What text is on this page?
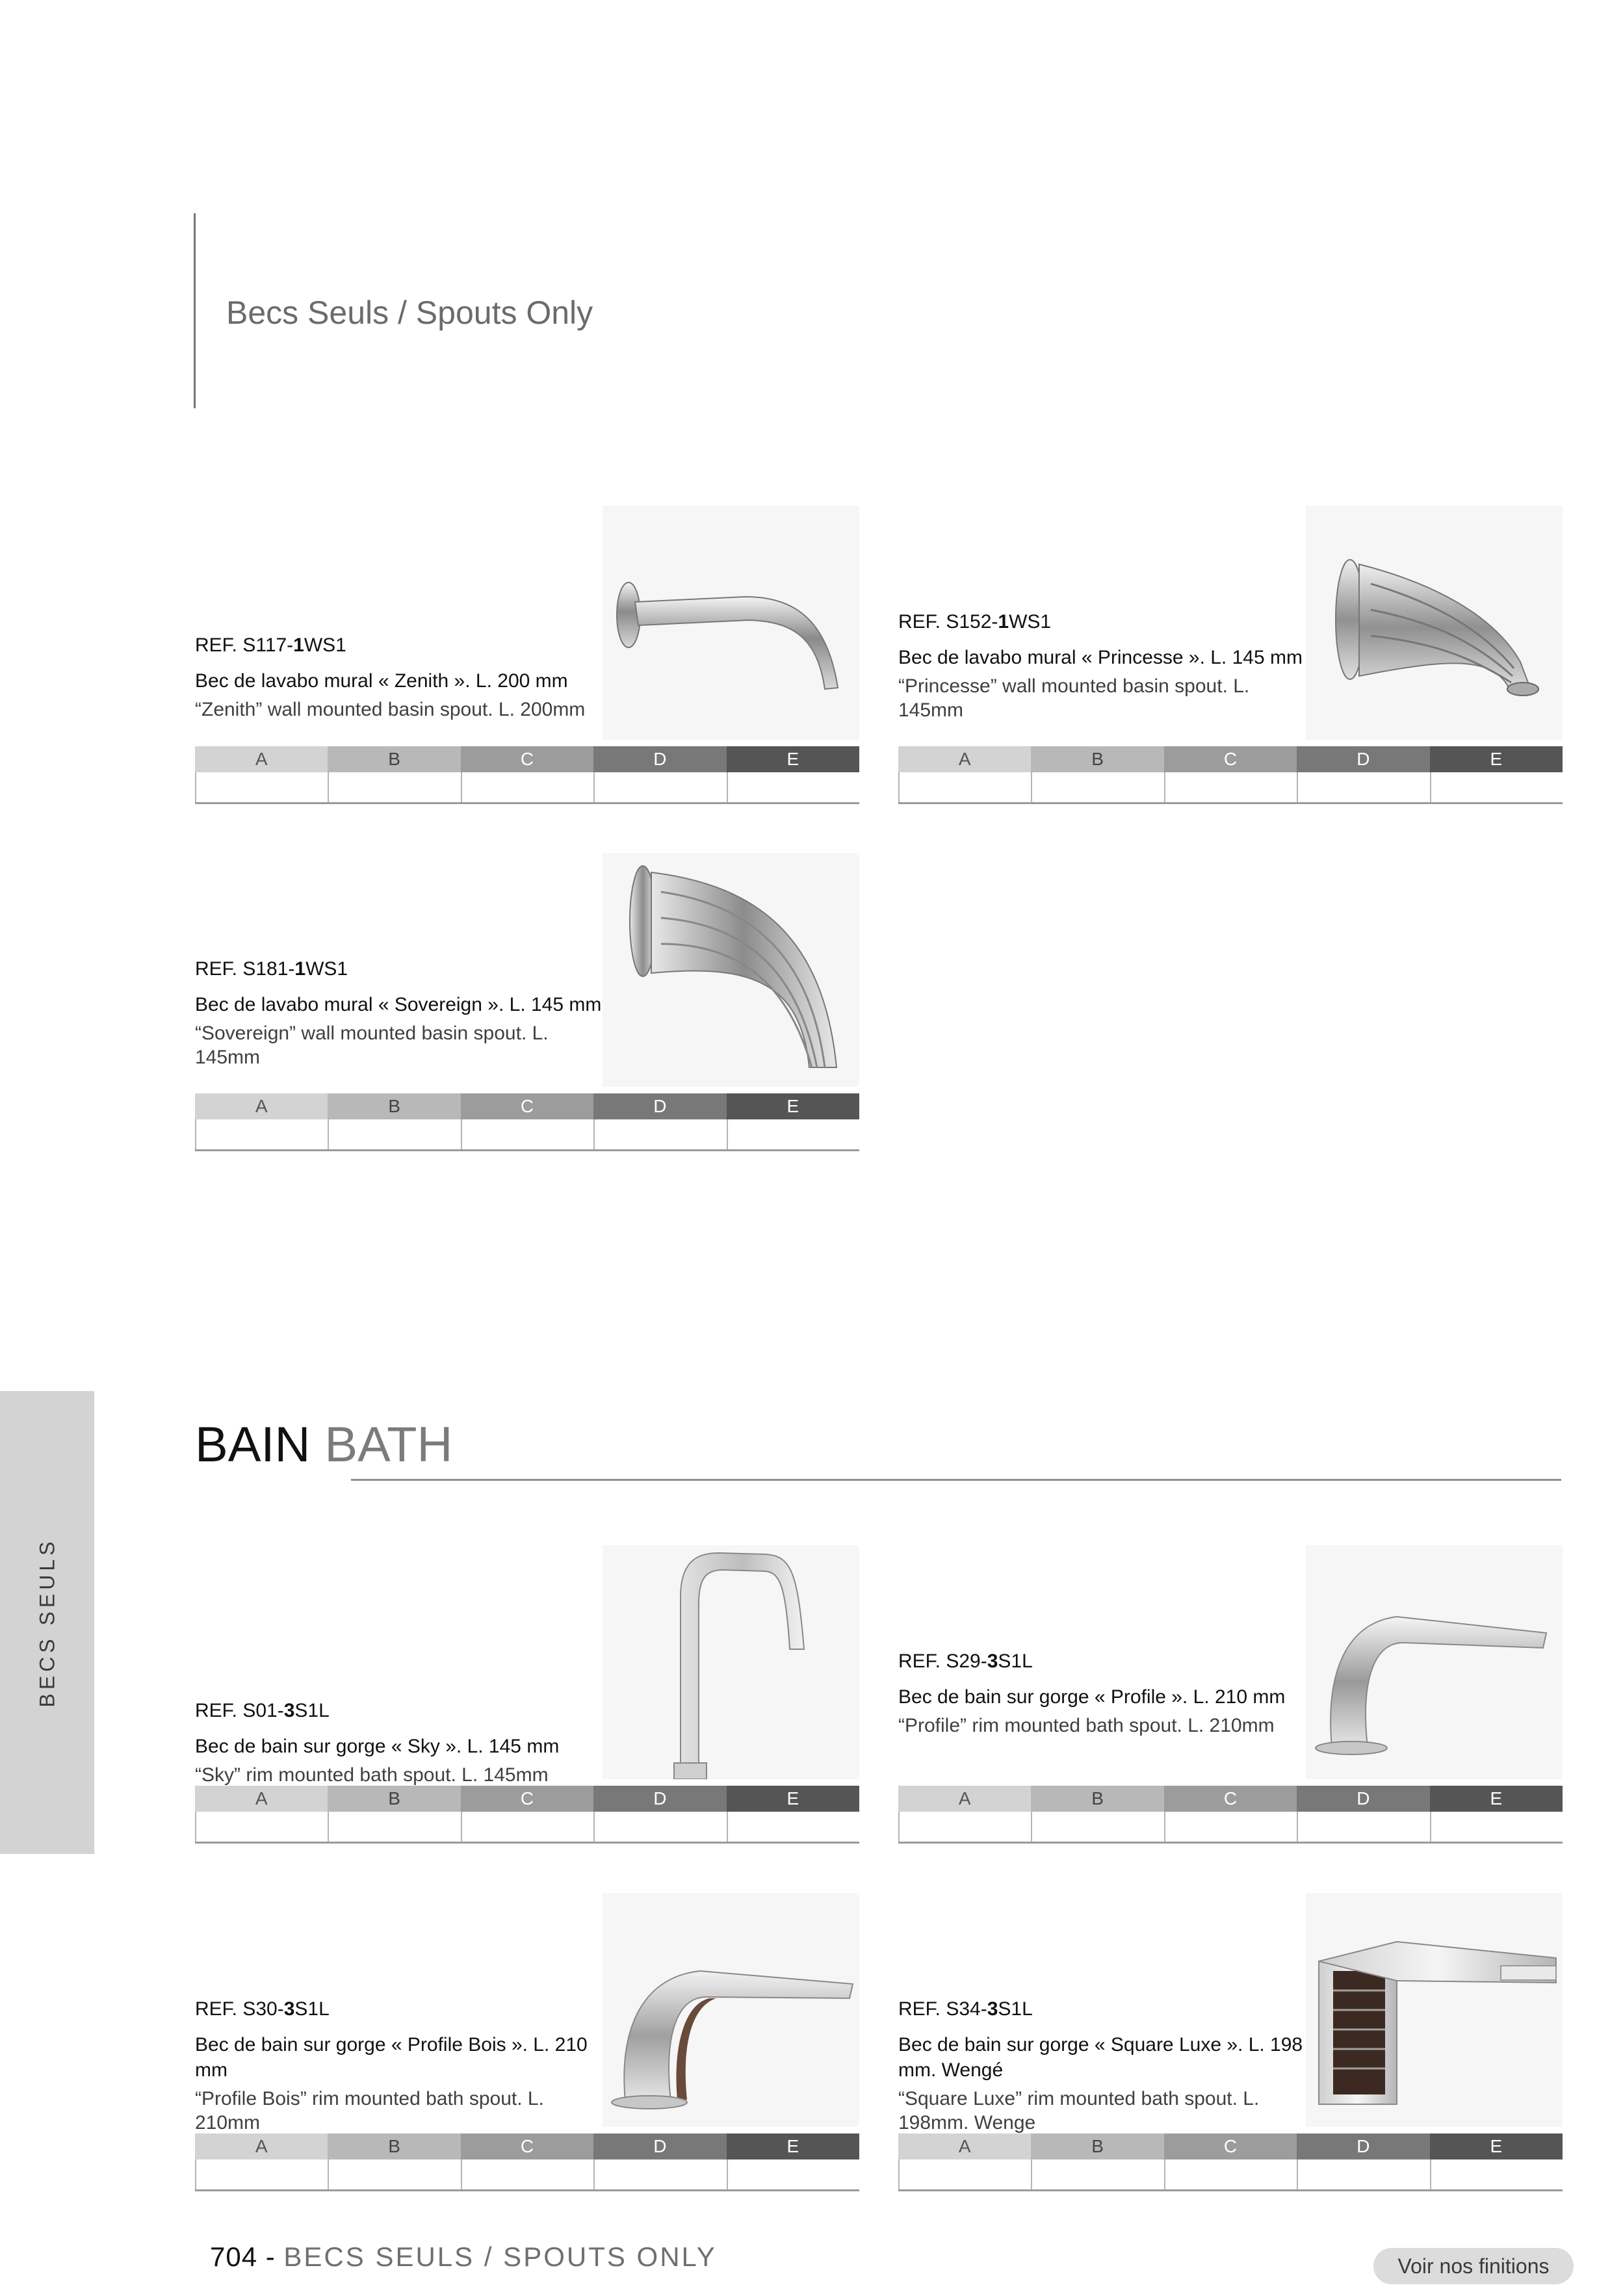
Becs Seuls / Spouts Only
BECS SEULS
BAIN BATH
REF. S117-1WS1
Bec de lavabo mural « Zenith ». L. 200 mm
“Zenith” wall mounted basin spout. L. 200mm
A	B	C	D	E
REF. S152-1WS1
Bec de lavabo mural « Princesse ». L. 145 mm
“Princesse” wall mounted basin spout. L. 145mm
A	B	C	D	E
REF. S181-1WS1
Bec de lavabo mural « Sovereign ». L. 145 mm
“Sovereign” wall mounted basin spout. L. 145mm
A	B	C	D	E
REF. S01-3S1L
Bec de bain sur gorge « Sky ». L. 145 mm
“Sky” rim mounted bath spout. L. 145mm
A	B	C	D	E
REF. S29-3S1L
Bec de bain sur gorge « Profile ». L. 210 mm
“Profile” rim mounted bath spout. L. 210mm
A	B	C	D	E
REF. S30-3S1L
Bec de bain sur gorge « Profile Bois ». L. 210 mm
“Profile Bois” rim mounted bath spout. L. 210mm
A	B	C	D	E
REF. S34-3S1L
Bec de bain sur gorge « Square Luxe ». L. 198 mm. Wengé
“Square Luxe” rim mounted bath spout. L. 198mm. Wenge
A	B	C	D	E
704 - BECS SEULS / SPOUTS ONLY	Voir nos finitions
